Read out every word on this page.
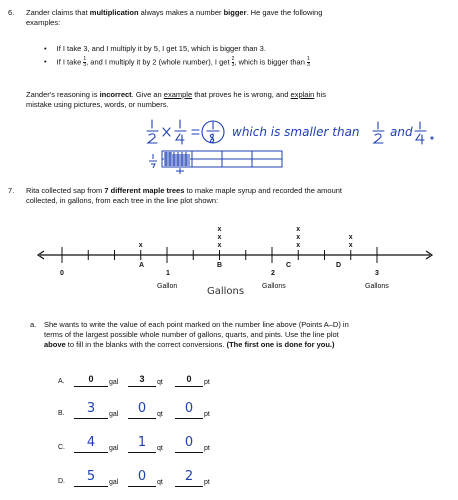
6. Zander claims that multiplication always makes a number bigger. He gave the following
examples:
• If I take 3, and I multiply it by 5, I get 15, which is bigger than 3.
• If I take $\frac{1}{3}$ , and I multiply it by 2 (whole number), I get $\frac{2}{3}$ , which is bigger than $\frac{1}{3}$
Zander's reasoning is incorrect. Give an example that proves he is wrong, and explain his
mistake using pictures, words, or numbers.
which is smaller than	and
7. Rita collected sap from 7 different maple trees to make maple syrup and recorded the amount
collected, in gallons, from each tree in the line plot shown:
x	x
x
x
x
x
x
x
x
0	1	2	3
A	B	C	D
Gallon	Gallons	Gallons	Gallons
a. She wants to write the value of each point marked on the number line above (Points A–D) in
terms of the largest possible whole number of gallons, quarts, and pints. Use the line plot
above to fill in the blanks with the correct conversions. (The first one is done for you.)
A.	0	gal	3	qt	0	pt
B.	3	gal	0	qt	0	pt
C.	4	gal	1	qt	0	pt
D.	5	gal	0	qt	2	pt
